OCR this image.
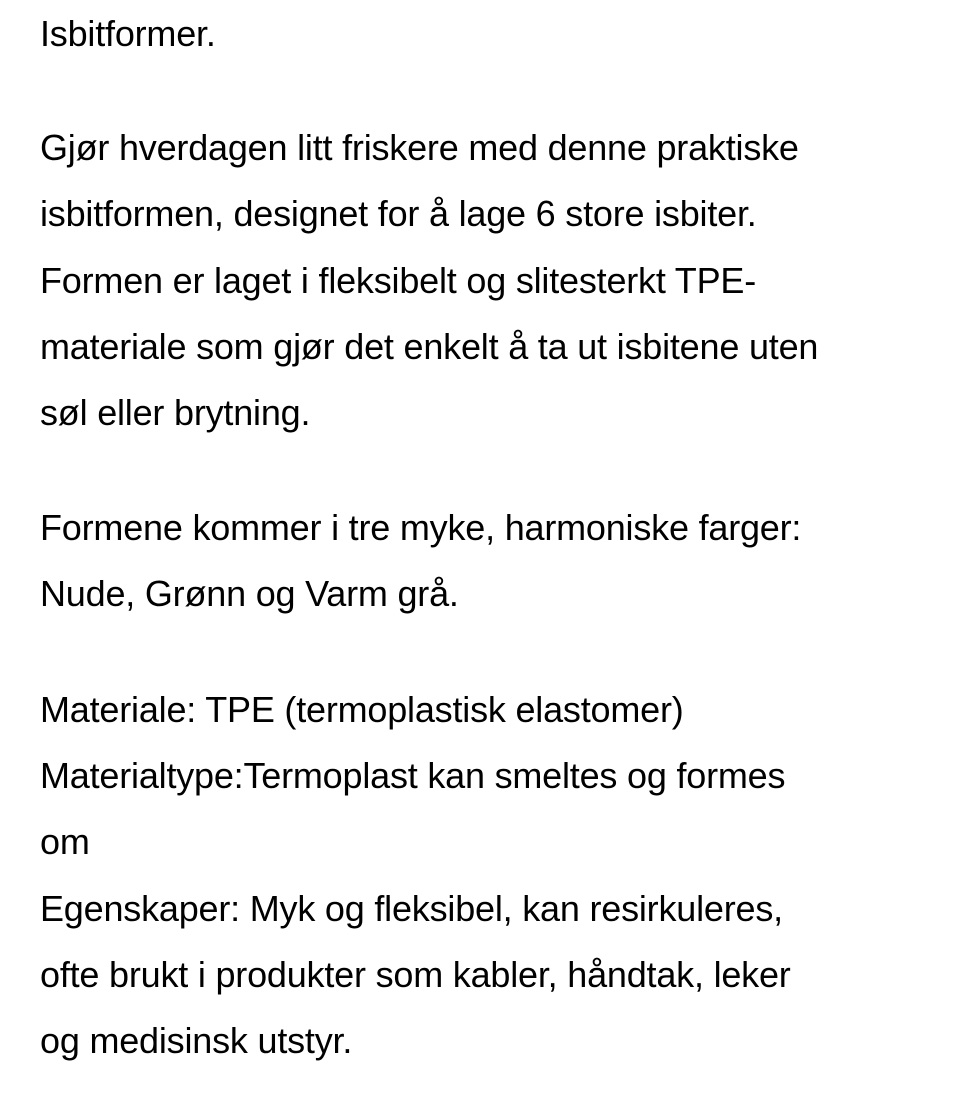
Isbitformer.
Gjør hverdagen litt friskere med denne praktiske
isbitformen, designet for å lage 6 store isbiter.
Formen er laget i fleksibelt og slitesterkt TPE-
materiale som gjør det enkelt å ta ut isbitene uten
søl eller brytning.
Formene kommer i tre myke, harmoniske farger:
Nude, Grønn og Varm grå.
Materiale: TPE (termoplastisk elastomer)
Materialtype:Termoplast kan smeltes og formes
om
Egenskaper: Myk og fleksibel, kan resirkuleres,
ofte brukt i produkter som kabler, håndtak, leker
og medisinsk utstyr.
